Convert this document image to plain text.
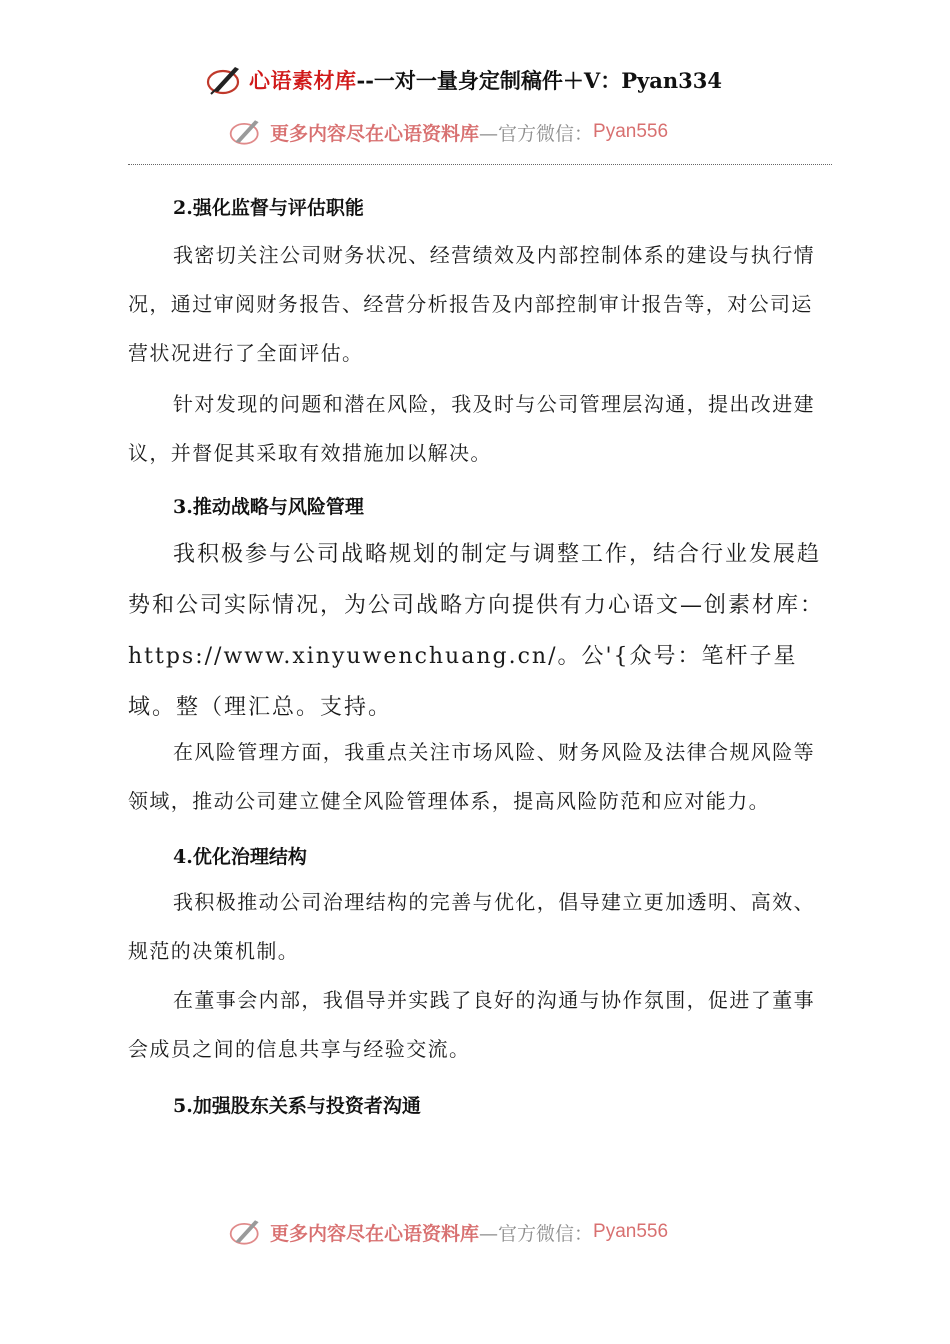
心语素材库 --一对一量身定制稿件＋V：Pyan334
更多内容尽在心语资料库 —官方微信： Pyan556
2.强化监督与评估职能

我密切关注公司财务状况、经营绩效及内部控制体系的建设与执行情况，通过审阅财务报告、经营分析报告及内部控制审计报告等，对公司运营状况进行了全面评估。

针对发现的问题和潜在风险，我及时与公司管理层沟通，提出改进建议，并督促其采取有效措施加以解决。

3.推动战略与风险管理

我积极参与公司战略规划的制定与调整工作，结合行业发展趋势和公司实际情况，为公司战略方向提供有力心语文—创素材库：https://www.xinyuwenchuang.cn/。公'{众号：笔杆子星域。整（理汇总。支持。

在风险管理方面，我重点关注市场风险、财务风险及法律合规风险等领域，推动公司建立健全风险管理体系，提高风险防范和应对能力。

4.优化治理结构

我积极推动公司治理结构的完善与优化，倡导建立更加透明、高效、规范的决策机制。

在董事会内部，我倡导并实践了良好的沟通与协作氛围，促进了董事会成员之间的信息共享与经验交流。

5.加强股东关系与投资者沟通
更多内容尽在心语资料库 —官方微信： Pyan556
